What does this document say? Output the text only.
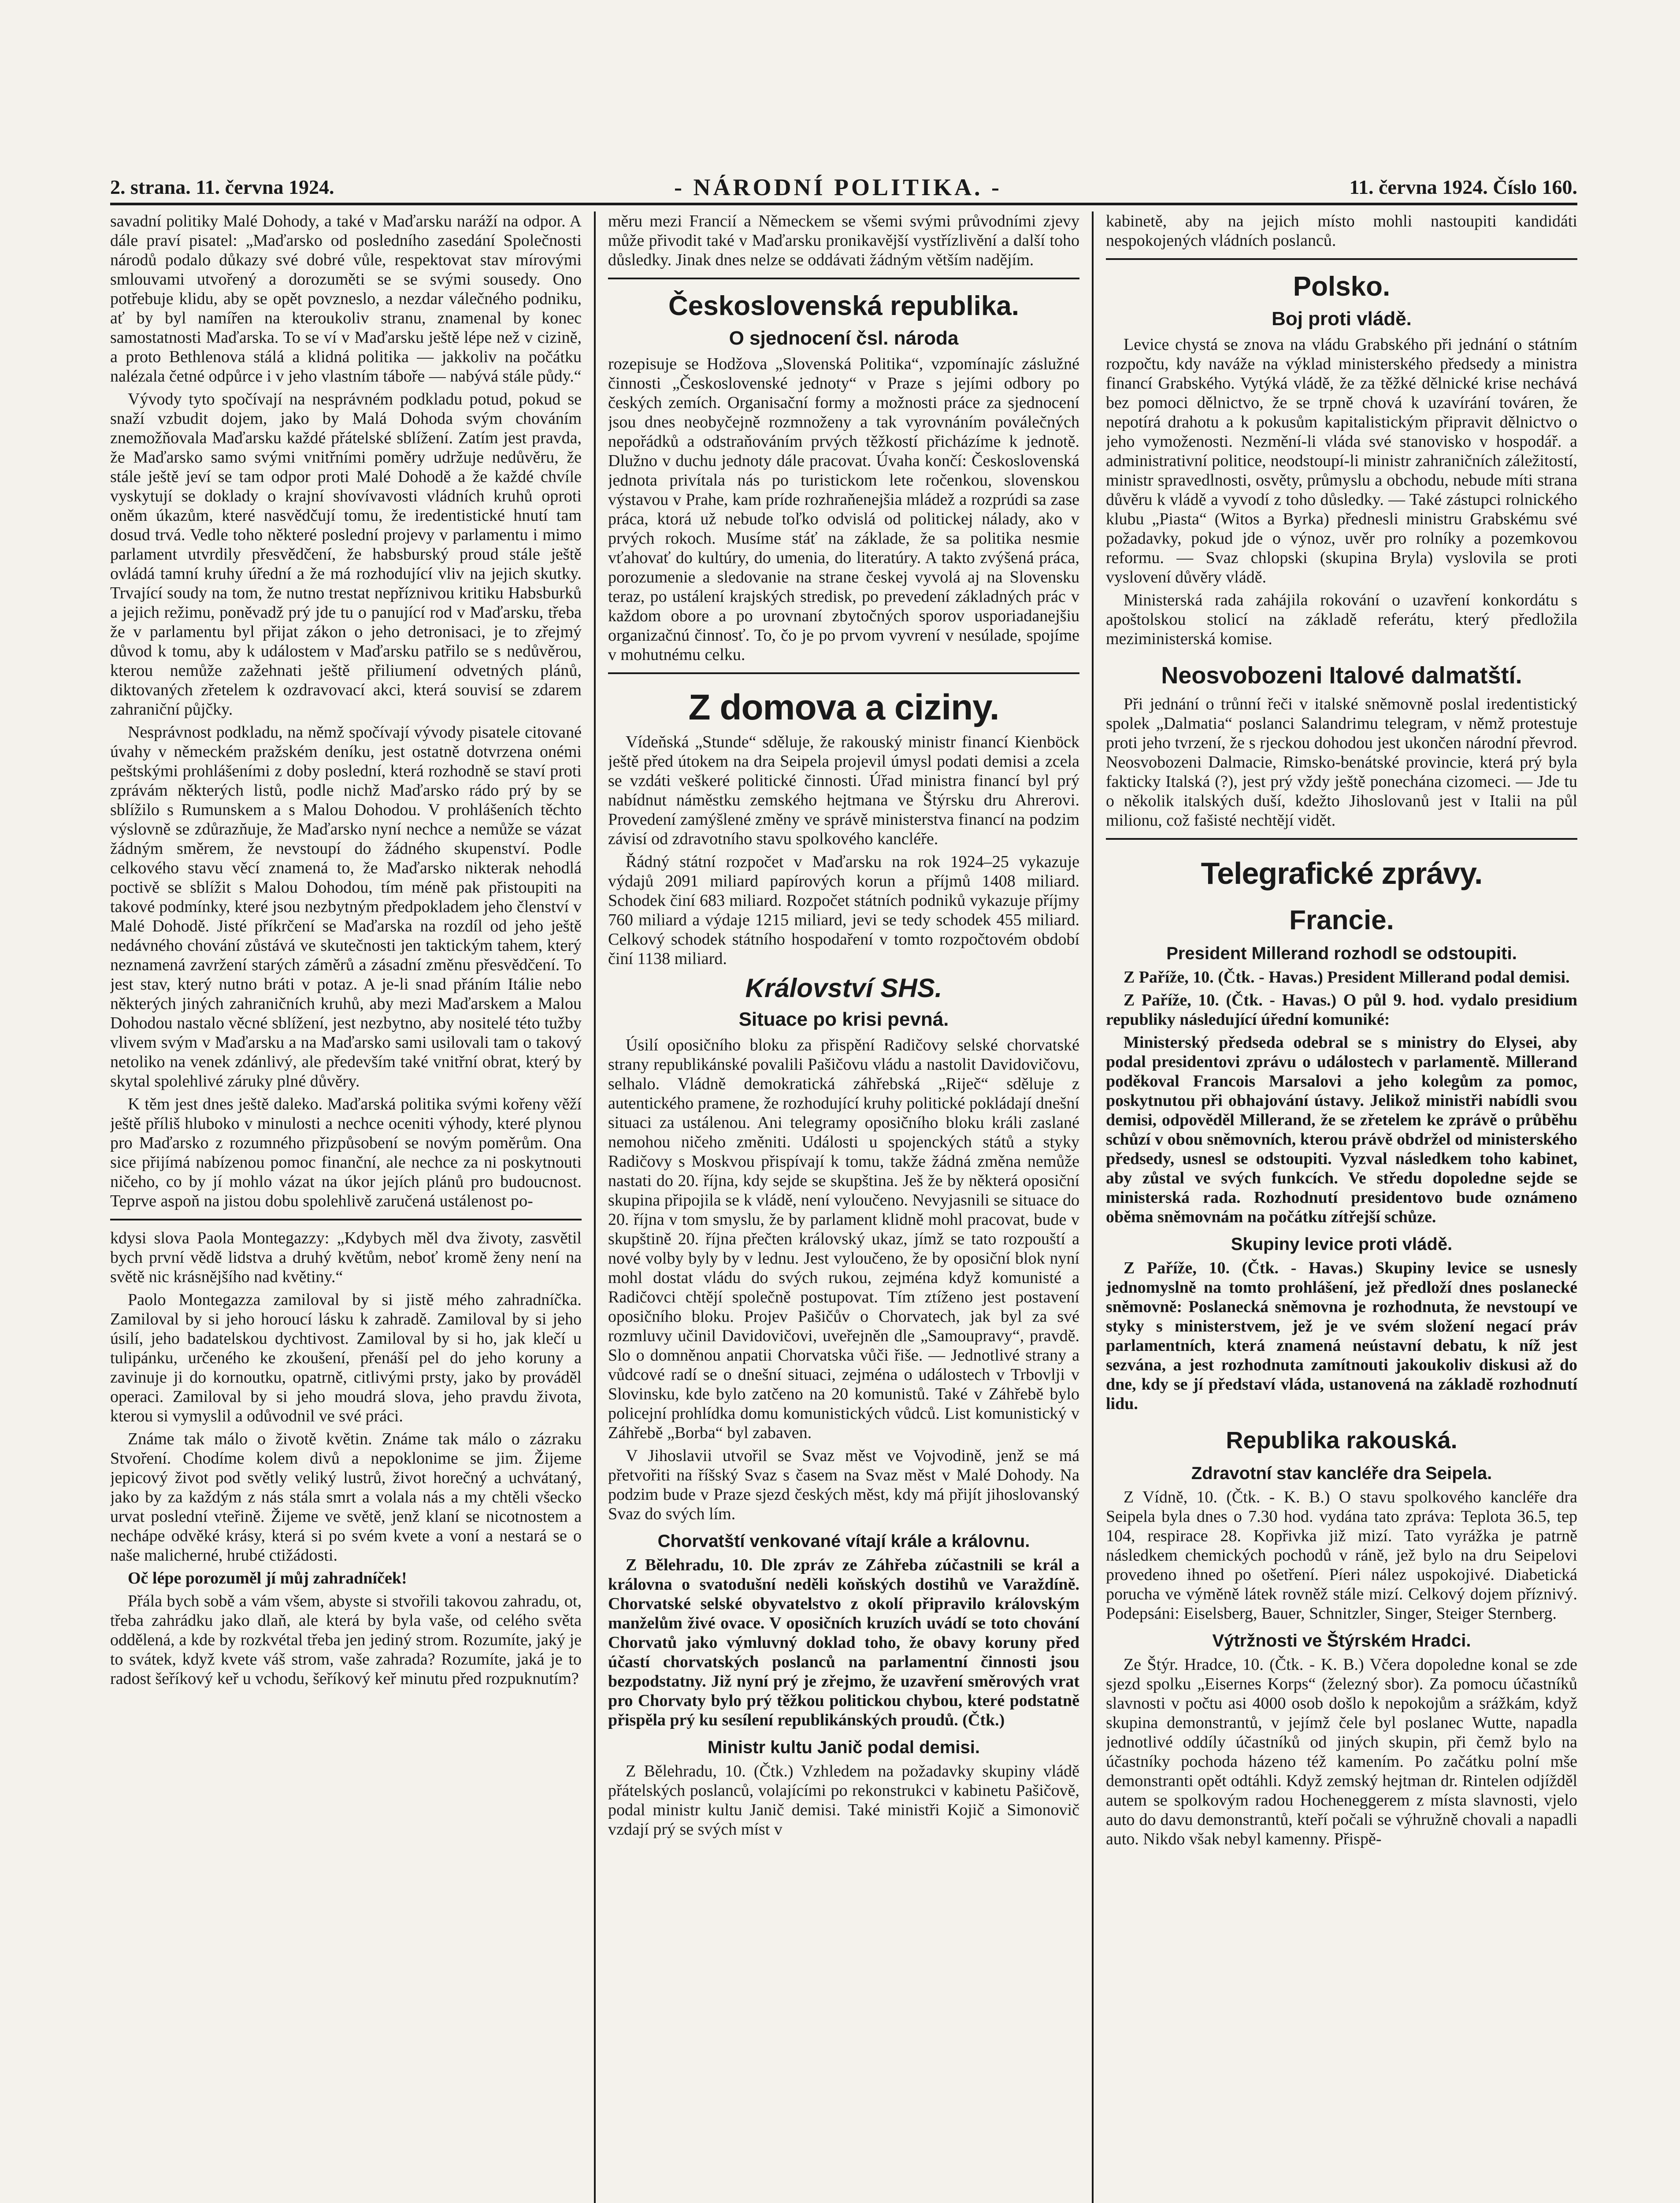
2. strana. 11. června 1924.	- NÁRODNÍ POLITIKA. -	11. června 1924. Číslo 160.

savadní politiky Malé Dohody, a také v Maďarsku naráží na odpor. A dále praví pisatel: „Maďarsko od posledního zasedání Společnosti národů podalo důkazy své dobré vůle, respektovat stav mírovými smlouvami utvořený a dorozuměti se se svými sousedy. Ono potřebuje klidu, aby se opět povzneslo, a nezdar válečného podniku, ať by byl namířen na kteroukoliv stranu, znamenal by konec samostatnosti Maďarska. To se ví v Maďarsku ještě lépe než v cizině, a proto Bethlenova stálá a klidná politika — jakkoliv na počátku nalézala četné odpůrce i v jeho vlastním táboře — nabývá stále půdy.“

Vývody tyto spočívají na nesprávném podkladu potud, pokud se snaží vzbudit dojem, jako by Malá Dohoda svým chováním znemožňovala Maďarsku každé přátelské sblížení. Zatím jest pravda, že Maďarsko samo svými vnitřními poměry udržuje nedůvěru, že stále ještě jeví se tam odpor proti Malé Dohodě a že každé chvíle vyskytují se doklady o krajní shovívavosti vládních kruhů oproti oněm úkazům, které nasvědčují tomu, že iredentistické hnutí tam dosud trvá. Vedle toho některé poslední projevy v parlamentu i mimo parlament utvrdily přesvědčení, že habsburský proud stále ještě ovládá tamní kruhy úřední a že má rozhodující vliv na jejich skutky. Trvající soudy na tom, že nutno trestat nepříznivou kritiku Habsburků a jejich režimu, poněvadž prý jde tu o panující rod v Maďarsku, třeba že v parlamentu byl přijat zákon o jeho detronisaci, je to zřejmý důvod k tomu, aby k událostem v Maďarsku patřilo se s nedůvěrou, kterou nemůže zažehnati ještě přiliumení odvetných plánů, diktovaných zřetelem k ozdravovací akci, která souvisí se zdarem zahraniční půjčky.

Nesprávnost podkladu, na němž spočívají vývody pisatele citované úvahy v německém pražském deníku, jest ostatně dotvrzena onémi peštskými prohlášeními z doby poslední, která rozhodně se staví proti zprávám některých listů, podle nichž Maďarsko rádo prý by se sblížilo s Rumunskem a s Malou Dohodou. V prohlášeních těchto výslovně se zdůrazňuje, že Maďarsko nyní nechce a nemůže se vázat žádným směrem, že nevstoupí do žádného skupenství. Podle celkového stavu věcí znamená to, že Maďarsko nikterak nehodlá poctivě se sblížit s Malou Dohodou, tím méně pak přistoupiti na takové podmínky, které jsou nezbytným předpokladem jeho členství v Malé Dohodě. Jisté příkrčení se Maďarska na rozdíl od jeho ještě nedávného chování zůstává ve skutečnosti jen taktickým tahem, který neznamená zavržení starých záměrů a zásadní změnu přesvědčení. To jest stav, který nutno bráti v potaz. A je-li snad přáním Itálie nebo některých jiných zahraničních kruhů, aby mezi Maďarskem a Malou Dohodou nastalo věcné sblížení, jest nezbytno, aby nositelé této tužby vlivem svým v Maďarsku a na Maďarsko sami usilovali tam o takový netoliko na venek zdánlivý, ale především také vnitřní obrat, který by skytal spolehlivé záruky plné důvěry.

K těm jest dnes ještě daleko. Maďarská politika svými kořeny věží ještě příliš hluboko v minulosti a nechce oceniti výhody, které plynou pro Maďarsko z rozumného přizpůsobení se novým poměrům. Ona sice přijímá nabízenou pomoc finanční, ale nechce za ni poskytnouti ničeho, co by jí mohlo vázat na úkor jejích plánů pro budoucnost. Teprve aspoň na jistou dobu spolehlivě zaručená ustálenost po-

kdysi slova Paola Montegazzy: „Kdybych měl dva životy, zasvětil bych první vědě lidstva a druhý květům, neboť kromě ženy není na světě nic krásnějšího nad květiny.“

Paolo Montegazza zamiloval by si jistě mého zahradníčka. Zamiloval by si jeho horoucí lásku k zahradě. Zamiloval by si jeho úsilí, jeho badatelskou dychtivost. Zamiloval by si ho, jak klečí u tulipánku, určeného ke zkoušení, přenáší pel do jeho koruny a zavinuje ji do kornoutku, opatrně, citlivými prsty, jako by prováděl operaci. Zamiloval by si jeho moudrá slova, jeho pravdu života, kterou si vymyslil a odůvodnil ve své práci.

Známe tak málo o životě květin. Známe tak málo o zázraku Stvoření. Chodíme kolem divů a nepoklonime se jim. Žijeme jepicový život pod světly veliký lustrů, život horečný a uchvátaný, jako by za každým z nás stála smrt a volala nás a my chtěli všecko urvat poslední vteřině. Žijeme ve světě, jenž klaní se nicotnostem a nechápe odvěké krásy, která si po svém kvete a voní a nestará se o naše malicherné, hrubé ctižádosti.

Oč lépe porozuměl jí můj zahradníček!

Přála bych sobě a vám všem, abyste si stvořili takovou zahradu, ot, třeba zahrádku jako dlaň, ale která by byla vaše, od celého světa oddělená, a kde by rozkvétal třeba jen jediný strom. Rozumíte, jaký je to svátek, když kvete váš strom, vaše zahrada? Rozumíte, jaká je to radost šeříkový keř u vchodu, šeříkový keř minutu před rozpuknutím?

měru mezi Francií a Německem se všemi svými průvodními zjevy může přivodit také v Maďarsku pronikavější vystřízlivění a další toho důsledky. Jinak dnes nelze se oddávati žádným větším nadějím.

Československá republika.
O sjednocení čsl. národa

rozepisuje se Hodžova „Slovenská Politika“, vzpomínajíc záslužné činnosti „Československé jednoty“ v Praze s jejími odbory po českých zemích. Organisační formy a možnosti práce za sjednocení jsou dnes neobyčejně rozmnoženy a tak vyrovnáním poválečných nepořádků a odstraňováním prvých těžkostí přicházíme k jednotě. Dlužno v duchu jednoty dále pracovat. Úvaha končí: Československá jednota privítala nás po turistickom lete ročenkou, slovenskou výstavou v Prahe, kam príde rozhraňenejšia mládež a rozprúdi sa zase práca, ktorá už nebude toľko odvislá od politickej nálady, ako v prvých rokoch. Musíme stáť na základe, že sa politika nesmie vťahovať do kultúry, do umenia, do literatúry. A takto zvýšená práca, porozumenie a sledovanie na strane českej vyvolá aj na Slovensku teraz, po ustálení krajských stredisk, po prevedení základných prác v každom obore a po urovnaní zbytočných sporov usporiadanejšiu organizačnú činnosť. To, čo je po prvom vyvrení v nesúlade, spojíme v mohutnému celku.

Z domova a ciziny.

Vídeňská „Stunde“ sděluje, že rakouský ministr financí Kienböck ještě před útokem na dra Seipela projevil úmysl podati demisi a zcela se vzdáti veškeré politické činnosti. Úřad ministra financí byl prý nabídnut náměstku zemského hejtmana ve Štýrsku dru Ahrerovi. Provedení zamýšlené změny ve správě ministerstva financí na podzim závisí od zdravotního stavu spolkového kancléře.

Řádný státní rozpočet v Maďarsku na rok 1924–25 vykazuje výdajů 2091 miliard papírových korun a příjmů 1408 miliard. Schodek činí 683 miliard. Rozpočet státních podniků vykazuje příjmy 760 miliard a výdaje 1215 miliard, jevi se tedy schodek 455 miliard. Celkový schodek státního hospodaření v tomto rozpočtovém období činí 1138 miliard.

Království SHS.
Situace po krisi pevná.

Úsilí oposičního bloku za přispění Radičovy selské chorvatské strany republikánské povalili Pašičovu vládu a nastolit Davidovičovu, selhalo. Vládně demokratická záhřebská „Riječ“ sděluje z autentického pramene, že rozhodující kruhy politické pokládají dnešní situaci za ustálenou. Ani telegramy oposičního bloku králi zaslané nemohou ničeho změniti. Události u spojenckých států a styky Radičovy s Moskvou přispívají k tomu, takže žádná změna nemůže nastati do 20. října, kdy sejde se skupština. Ješ že by některá oposiční skupina připojila se k vládě, není vyloučeno. Nevyjasnili se situace do 20. října v tom smyslu, že by parlament klidně mohl pracovat, bude v skupštině 20. října přečten královský ukaz, jímž se tato rozpouští a nové volby byly by v lednu. Jest vyloučeno, že by oposiční blok nyní mohl dostat vládu do svých rukou, zejména když komunisté a Radičovci chtějí společně postupovat. Tím ztíženo jest postavení oposičního bloku. Projev Pašičův o Chorvatech, jak byl za své rozmluvy učinil Davidovičovi, uveřejněn dle „Samoupravy“, pravdě. Slo o domněnou anpatii Chorvatska vůči řiše. — Jednotlivé strany a vůdcové radí se o dnešní situaci, zejména o událostech v Trbovlji v Slovinsku, kde bylo zatčeno na 20 komunistů. Také v Záhřebě bylo policejní prohlídka domu komunistických vůdců. List komunistický v Záhřebě „Borba“ byl zabaven.

V Jihoslavii utvořil se Svaz měst ve Vojvodině, jenž se má přetvořiti na říšský Svaz s časem na Svaz měst v Malé Dohody. Na podzim bude v Praze sjezd českých měst, kdy má přijít jihoslovanský Svaz do svých lím.

Chorvatští venkované vítají krále a královnu.

Z Bělehradu, 10. Dle zpráv ze Záhřeba zúčastnili se král a královna o svatodušní neděli koňských dostihů ve Varaždíně. Chorvatské selské obyvatelstvo z okolí připravilo královským manželům živé ovace. V oposičních kruzích uvádí se toto chování Chorvatů jako výmluvný doklad toho, že obavy koruny před účastí chorvatských poslanců na parlamentní činnosti jsou bezpodstatny. Již nyní prý je zřejmo, že uzavření směrových vrat pro Chorvaty bylo prý těžkou politickou chybou, které podstatně přispěla prý ku sesílení republikánských proudů. (Čtk.)

Ministr kultu Janič podal demisi.

Z Bělehradu, 10. (Čtk.) Vzhledem na požadavky skupiny vládě přátelských poslanců, volajícími po rekonstrukci v kabinetu Pašičově, podal ministr kultu Janič demisi. Také ministři Kojič a Simonovič vzdají prý se svých míst v

kabinetě, aby na jejich místo mohli nastoupiti kandidáti nespokojených vládních poslanců.

Polsko.
Boj proti vládě.

Levice chystá se znova na vládu Grabského při jednání o státním rozpočtu, kdy naváže na výklad ministerského předsedy a ministra financí Grabského. Vytýká vládě, že za těžké dělnické krise nechává bez pomoci dělnictvo, že se trpně chová k uzavírání továren, že nepotírá drahotu a k pokusům kapitalistickým připravit dělnictvo o jeho vymoženosti. Nezmění-li vláda své stanovisko v hospodář. a administrativní politice, neodstoupí-li ministr zahraničních záležitostí, ministr spravedlnosti, osvěty, průmyslu a obchodu, nebude míti strana důvěru k vládě a vyvodí z toho důsledky. — Také zástupci rolnického klubu „Piasta“ (Witos a Byrka) přednesli ministru Grabskému své požadavky, pokud jde o výnoz, uvěr pro rolníky a pozemkovou reformu. — Svaz chlopski (skupina Bryla) vyslovila se proti vyslovení důvěry vládě.

Ministerská rada zahájila rokování o uzavření konkordátu s apoštolskou stolicí na základě referátu, který předložila meziministerská komise.

Neosvobozeni Italové dalmatští.

Při jednání o trůnní řeči v italské sněmovně poslal iredentistický spolek „Dalmatia“ poslanci Salandrimu telegram, v němž protestuje proti jeho tvrzení, že s rjeckou dohodou jest ukončen národní převrod. Neosvobozeni Dalmacie, Rimsko-benátské provincie, která prý byla fakticky Italská (?), jest prý vždy ještě ponechána cizomeci. — Jde tu o několik italských duší, kdežto Jihoslovanů jest v Italii na půl milionu, což fašisté nechtějí vidět.

Telegrafické zprávy.
Francie.
President Millerand rozhodl se odstoupiti.

Z Paříže, 10. (Čtk. - Havas.) President Millerand podal demisi.

Z Paříže, 10. (Čtk. - Havas.) O půl 9. hod. vydalo presidium republiky následující úřední komuniké:

Ministerský předseda odebral se s ministry do Elysei, aby podal presidentovi zprávu o událostech v parlamentě. Millerand poděkoval Francois Marsalovi a jeho kolegům za pomoc, poskytnutou při obhajování ústavy. Jelikož ministři nabídli svou demisi, odpověděl Millerand, že se zřetelem ke zprávě o průběhu schůzí v obou sněmovních, kterou právě obdržel od ministerského předsedy, usnesl se odstoupiti. Vyzval následkem toho kabinet, aby zůstal ve svých funkcích. Ve středu dopoledne sejde se ministerská rada. Rozhodnutí presidentovo bude oznámeno oběma sněmovnám na počátku zítřejší schůze.

Skupiny levice proti vládě.

Z Paříže, 10. (Čtk. - Havas.) Skupiny levice se usnesly jednomyslně na tomto prohlášení, jež předloží dnes poslanecké sněmovně: Poslanecká sněmovna je rozhodnuta, že nevstoupí ve styky s ministerstvem, jež je ve svém složení negací práv parlamentních, která znamená neústavní debatu, k níž jest sezvána, a jest rozhodnuta zamítnouti jakoukoliv diskusi až do dne, kdy se jí představí vláda, ustanovená na základě rozhodnutí lidu.

Republika rakouská.
Zdravotní stav kancléře dra Seipela.

Z Vídně, 10. (Čtk. - K. B.) O stavu spolkového kancléře dra Seipela byla dnes o 7.30 hod. vydána tato zpráva: Teplota 36.5, tep 104, respirace 28. Kopřivka již mizí. Tato vyrážka je patrně následkem chemických pochodů v ráně, jež bylo na dru Seipelovi provedeno ihned po ošetření. Píeri nález uspokojivé. Diabetická porucha ve výměně látek rovněž stále mizí. Celkový dojem příznivý. Podepsáni: Eiselsberg, Bauer, Schnitzler, Singer, Steiger Sternberg.

Výtržnosti ve Štýrském Hradci.

Ze Štýr. Hradce, 10. (Čtk. - K. B.) Včera dopoledne konal se zde sjezd spolku „Eisernes Korps“ (železný sbor). Za pomocu účastníků slavnosti v počtu asi 4000 osob došlo k nepokojům a srážkám, když skupina demonstrantů, v jejímž čele byl poslanec Wutte, napadla jednotlivé oddíly účastníků od jiných skupin, při čemž bylo na účastníky pochoda házeno též kamením. Po začátku polní mše demonstranti opět odtáhli. Když zemský hejtman dr. Rintelen odjížděl autem se spolkovým radou Hocheneggerem z místa slavnosti, vjelo auto do davu demonstrantů, kteří počali se výhružně chovali a napadli auto. Nikdo však nebyl kamenny. Přispě-
